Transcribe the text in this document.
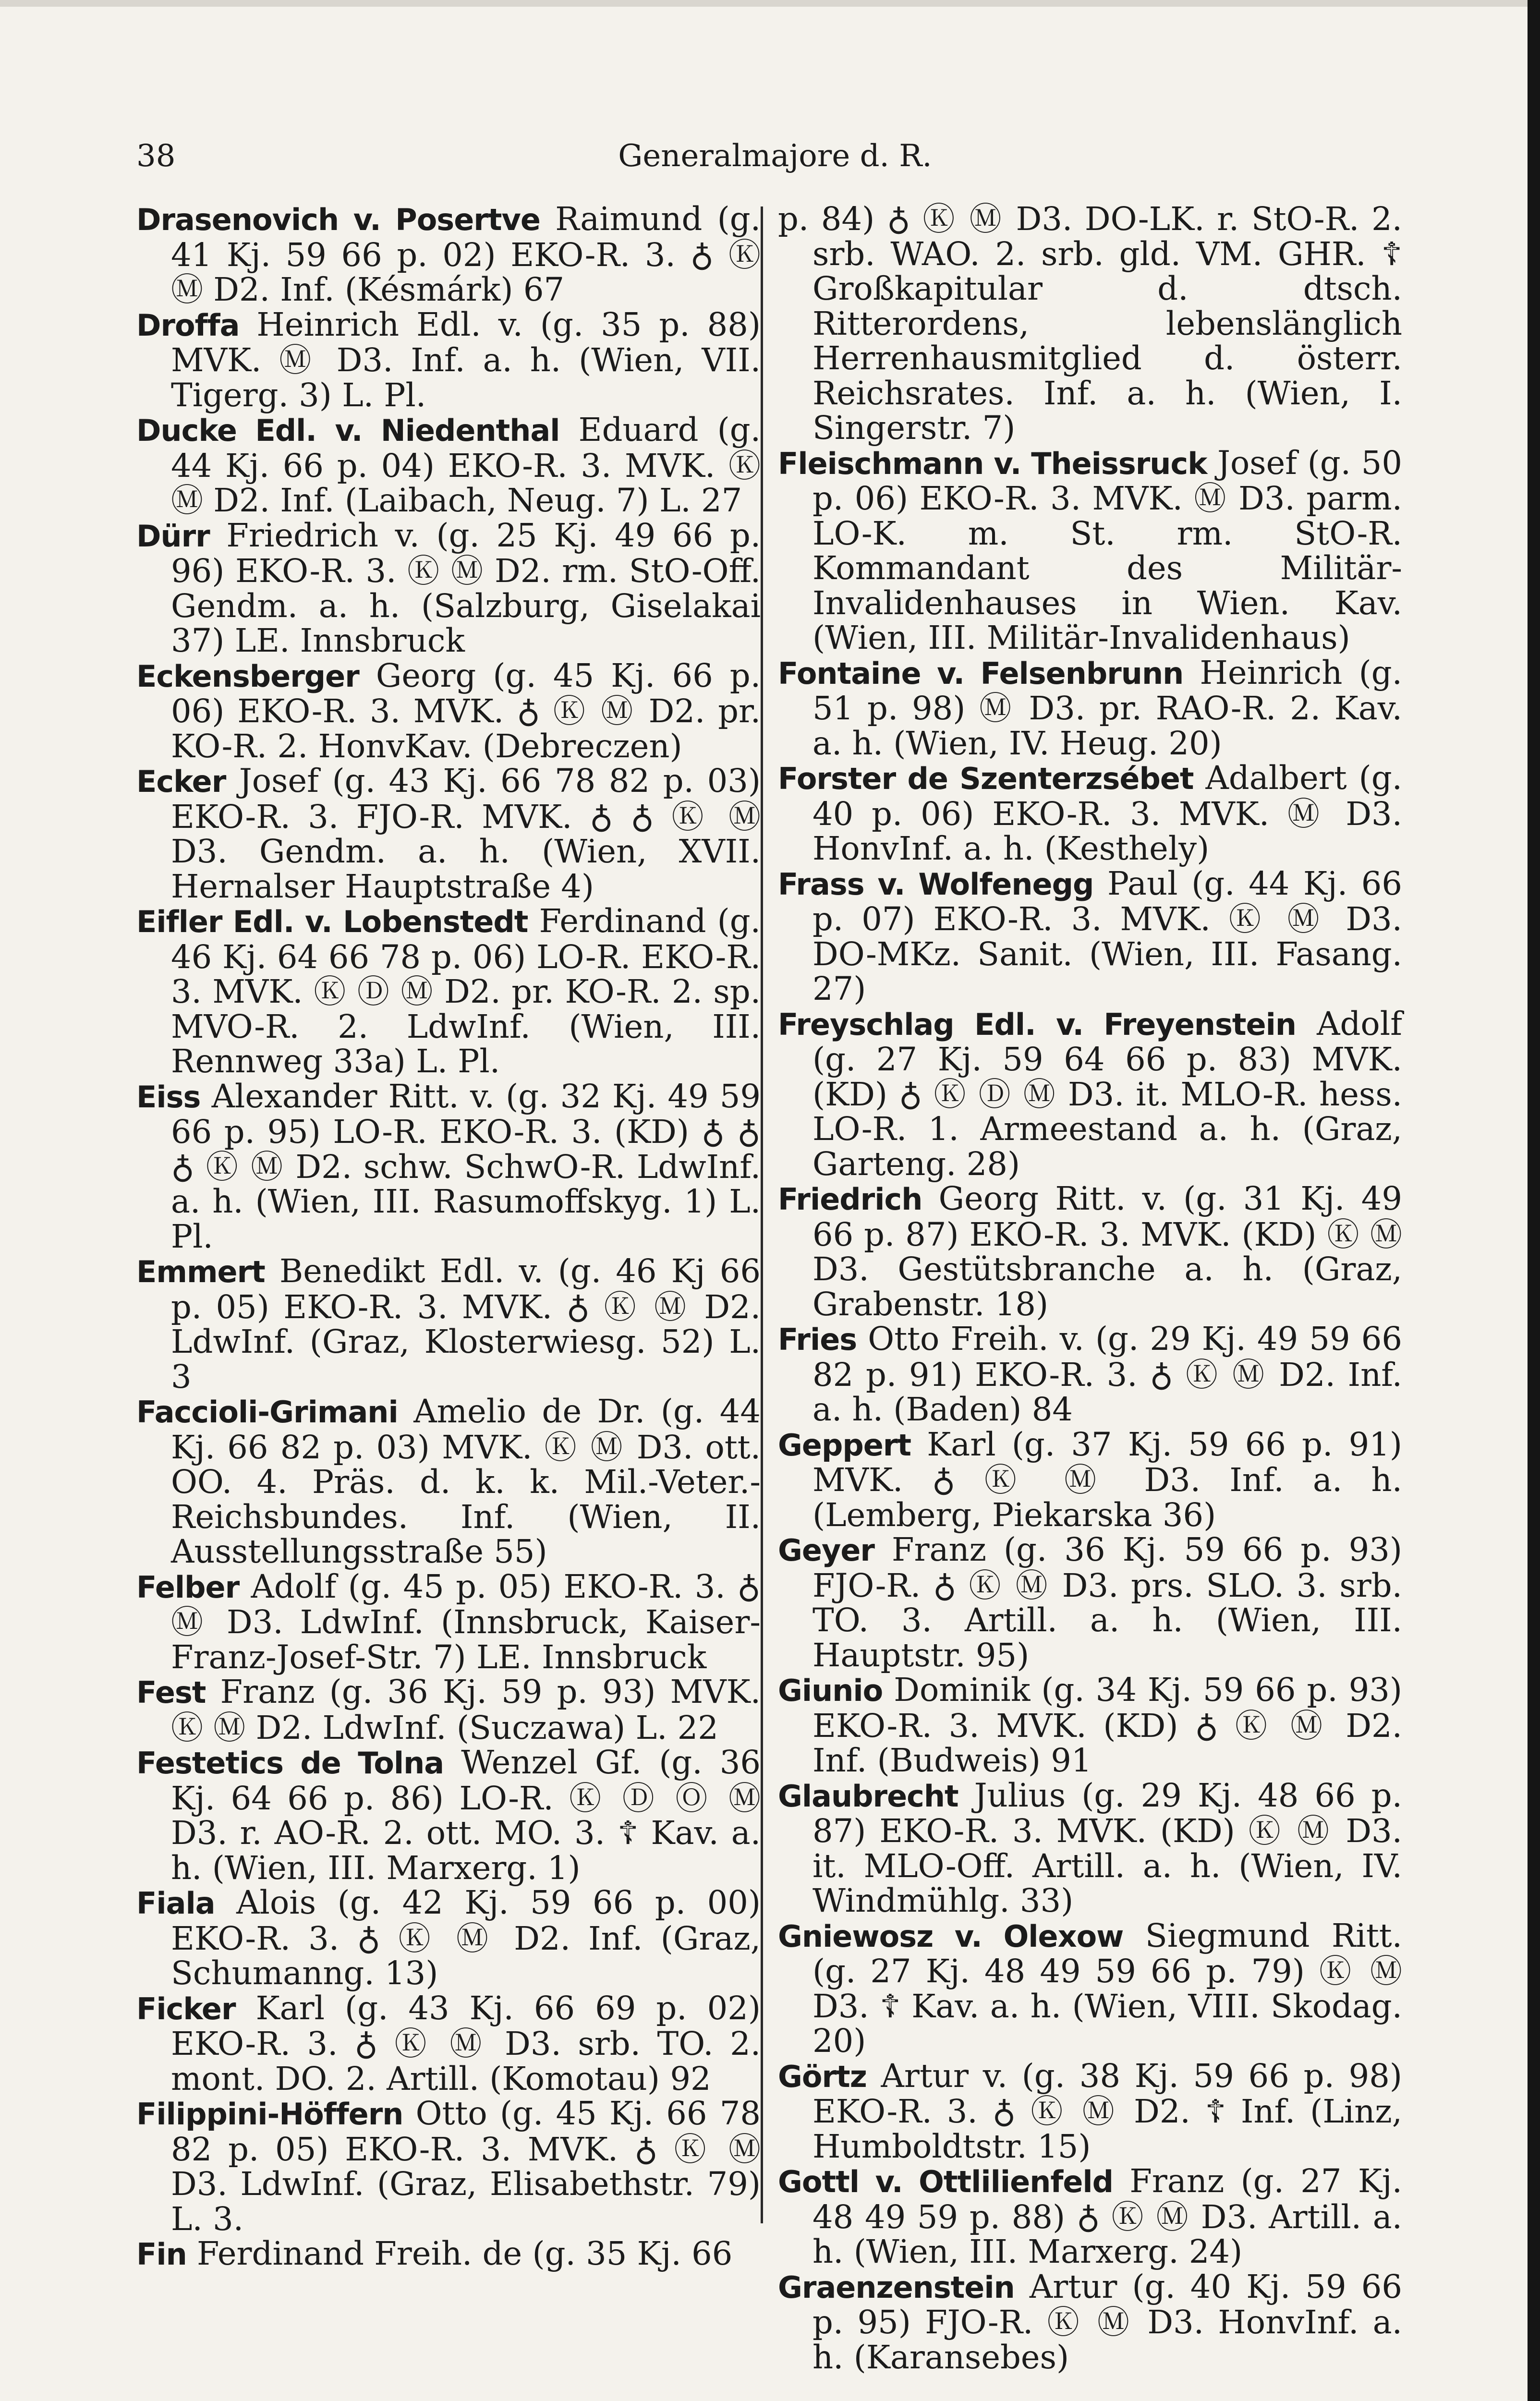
38	Generalmajore d. R.

Drasenovich v. Posertve Raimund (g. 41 Kj. 59 66 p. 02) EKO-R. 3. ♁ Ⓚ Ⓜ D2. Inf. (Késmárk) 67

Droffa Heinrich Edl. v. (g. 35 p. 88) MVK. Ⓜ D3. Inf. a. h. (Wien, VII. Tigerg. 3) L. Pl.

Ducke Edl. v. Niedenthal Eduard (g. 44 Kj. 66 p. 04) EKO-R. 3. MVK. Ⓚ Ⓜ D2. Inf. (Laibach, Neug. 7) L. 27

Dürr Friedrich v. (g. 25 Kj. 49 66 p. 96) EKO-R. 3. Ⓚ Ⓜ D2. rm. StO-Off. Gendm. a. h. (Salzburg, Giselakai 37) LE. Innsbruck

Eckensberger Georg (g. 45 Kj. 66 p. 06) EKO-R. 3. MVK. ♁ Ⓚ Ⓜ D2. pr. KO-R. 2. HonvKav. (Debreczen)

Ecker Josef (g. 43 Kj. 66 78 82 p. 03) EKO-R. 3. FJO-R. MVK. ♁ ♁ Ⓚ Ⓜ D3. Gendm. a. h. (Wien, XVII. Hernalser Hauptstraße 4)

Eifler Edl. v. Lobenstedt Ferdinand (g. 46 Kj. 64 66 78 p. 06) LO-R. EKO-R. 3. MVK. Ⓚ Ⓓ Ⓜ D2. pr. KO-R. 2. sp. MVO-R. 2. LdwInf. (Wien, III. Rennweg 33a) L. Pl.

Eiss Alexander Ritt. v. (g. 32 Kj. 49 59 66 p. 95) LO-R. EKO-R. 3. (KD) ♁ ♁ ♁ Ⓚ Ⓜ D2. schw. SchwO-R. LdwInf. a. h. (Wien, III. Rasumoffskyg. 1) L. Pl.

Emmert Benedikt Edl. v. (g. 46 Kj 66 p. 05) EKO-R. 3. MVK. ♁ Ⓚ Ⓜ D2. LdwInf. (Graz, Klosterwiesg. 52) L. 3

Faccioli-Grimani Amelio de Dr. (g. 44 Kj. 66 82 p. 03) MVK. Ⓚ Ⓜ D3. ott. OO. 4. Präs. d. k. k. Mil.-Veter.-Reichsbundes. Inf. (Wien, II. Ausstellungsstraße 55)

Felber Adolf (g. 45 p. 05) EKO-R. 3. ♁ Ⓜ D3. LdwInf. (Innsbruck, Kaiser-Franz-Josef-Str. 7) LE. Innsbruck

Fest Franz (g. 36 Kj. 59 p. 93) MVK. Ⓚ Ⓜ D2. LdwInf. (Suczawa) L. 22

Festetics de Tolna Wenzel Gf. (g. 36 Kj. 64 66 p. 86) LO-R. Ⓚ Ⓓ Ⓞ Ⓜ D3. r. AO-R. 2. ott. MO. 3. ☦ Kav. a. h. (Wien, III. Marxerg. 1)

Fiala Alois (g. 42 Kj. 59 66 p. 00) EKO-R. 3. ♁ Ⓚ Ⓜ D2. Inf. (Graz, Schumanng. 13)

Ficker Karl (g. 43 Kj. 66 69 p. 02) EKO-R. 3. ♁ Ⓚ Ⓜ D3. srb. TO. 2. mont. DO. 2. Artill. (Komotau) 92

Filippini-Höffern Otto (g. 45 Kj. 66 78 82 p. 05) EKO-R. 3. MVK. ♁ Ⓚ Ⓜ D3. LdwInf. (Graz, Elisabethstr. 79) L. 3.

Fin Ferdinand Freih. de (g. 35 Kj. 66

p. 84) ♁ Ⓚ Ⓜ D3. DO-LK. r. StO-R. 2. srb. WAO. 2. srb. gld. VM. GHR. ☦ Großkapitular d. dtsch. Ritterordens, lebenslänglich Herrenhausmitglied d. österr. Reichsrates. Inf. a. h. (Wien, I. Singerstr. 7)

Fleischmann v. Theissruck Josef (g. 50 p. 06) EKO-R. 3. MVK. Ⓜ D3. parm. LO-K. m. St. rm. StO-R. Kommandant des Militär-Invalidenhauses in Wien. Kav. (Wien, III. Militär-Invalidenhaus)

Fontaine v. Felsenbrunn Heinrich (g. 51 p. 98) Ⓜ D3. pr. RAO-R. 2. Kav. a. h. (Wien, IV. Heug. 20)

Forster de Szenterzsébet Adalbert (g. 40 p. 06) EKO-R. 3. MVK. Ⓜ D3. HonvInf. a. h. (Kesthely)

Frass v. Wolfenegg Paul (g. 44 Kj. 66 p. 07) EKO-R. 3. MVK. Ⓚ Ⓜ D3. DO-MKz. Sanit. (Wien, III. Fasang. 27)

Freyschlag Edl. v. Freyenstein Adolf (g. 27 Kj. 59 64 66 p. 83) MVK. (KD) ♁ Ⓚ Ⓓ Ⓜ D3. it. MLO-R. hess. LO-R. 1. Armeestand a. h. (Graz, Garteng. 28)

Friedrich Georg Ritt. v. (g. 31 Kj. 49 66 p. 87) EKO-R. 3. MVK. (KD) Ⓚ Ⓜ D3. Gestütsbranche a. h. (Graz, Grabenstr. 18)

Fries Otto Freih. v. (g. 29 Kj. 49 59 66 82 p. 91) EKO-R. 3. ♁ Ⓚ Ⓜ D2. Inf. a. h. (Baden) 84

Geppert Karl (g. 37 Kj. 59 66 p. 91) MVK. ♁ Ⓚ Ⓜ D3. Inf. a. h. (Lemberg, Piekarska 36)

Geyer Franz (g. 36 Kj. 59 66 p. 93) FJO-R. ♁ Ⓚ Ⓜ D3. prs. SLO. 3. srb. TO. 3. Artill. a. h. (Wien, III. Hauptstr. 95)

Giunio Dominik (g. 34 Kj. 59 66 p. 93) EKO-R. 3. MVK. (KD) ♁ Ⓚ Ⓜ D2. Inf. (Budweis) 91

Glaubrecht Julius (g. 29 Kj. 48 66 p. 87) EKO-R. 3. MVK. (KD) Ⓚ Ⓜ D3. it. MLO-Off. Artill. a. h. (Wien, IV. Windmühlg. 33)

Gniewosz v. Olexow Siegmund Ritt. (g. 27 Kj. 48 49 59 66 p. 79) Ⓚ Ⓜ D3. ☦ Kav. a. h. (Wien, VIII. Skodag. 20)

Görtz Artur v. (g. 38 Kj. 59 66 p. 98) EKO-R. 3. ♁ Ⓚ Ⓜ D2. ☦ Inf. (Linz, Humboldtstr. 15)

Gottl v. Ottlilienfeld Franz (g. 27 Kj. 48 49 59 p. 88) ♁ Ⓚ Ⓜ D3. Artill. a. h. (Wien, III. Marxerg. 24)

Graenzenstein Artur (g. 40 Kj. 59 66 p. 95) FJO-R. Ⓚ Ⓜ D3. HonvInf. a. h. (Karansebes)
